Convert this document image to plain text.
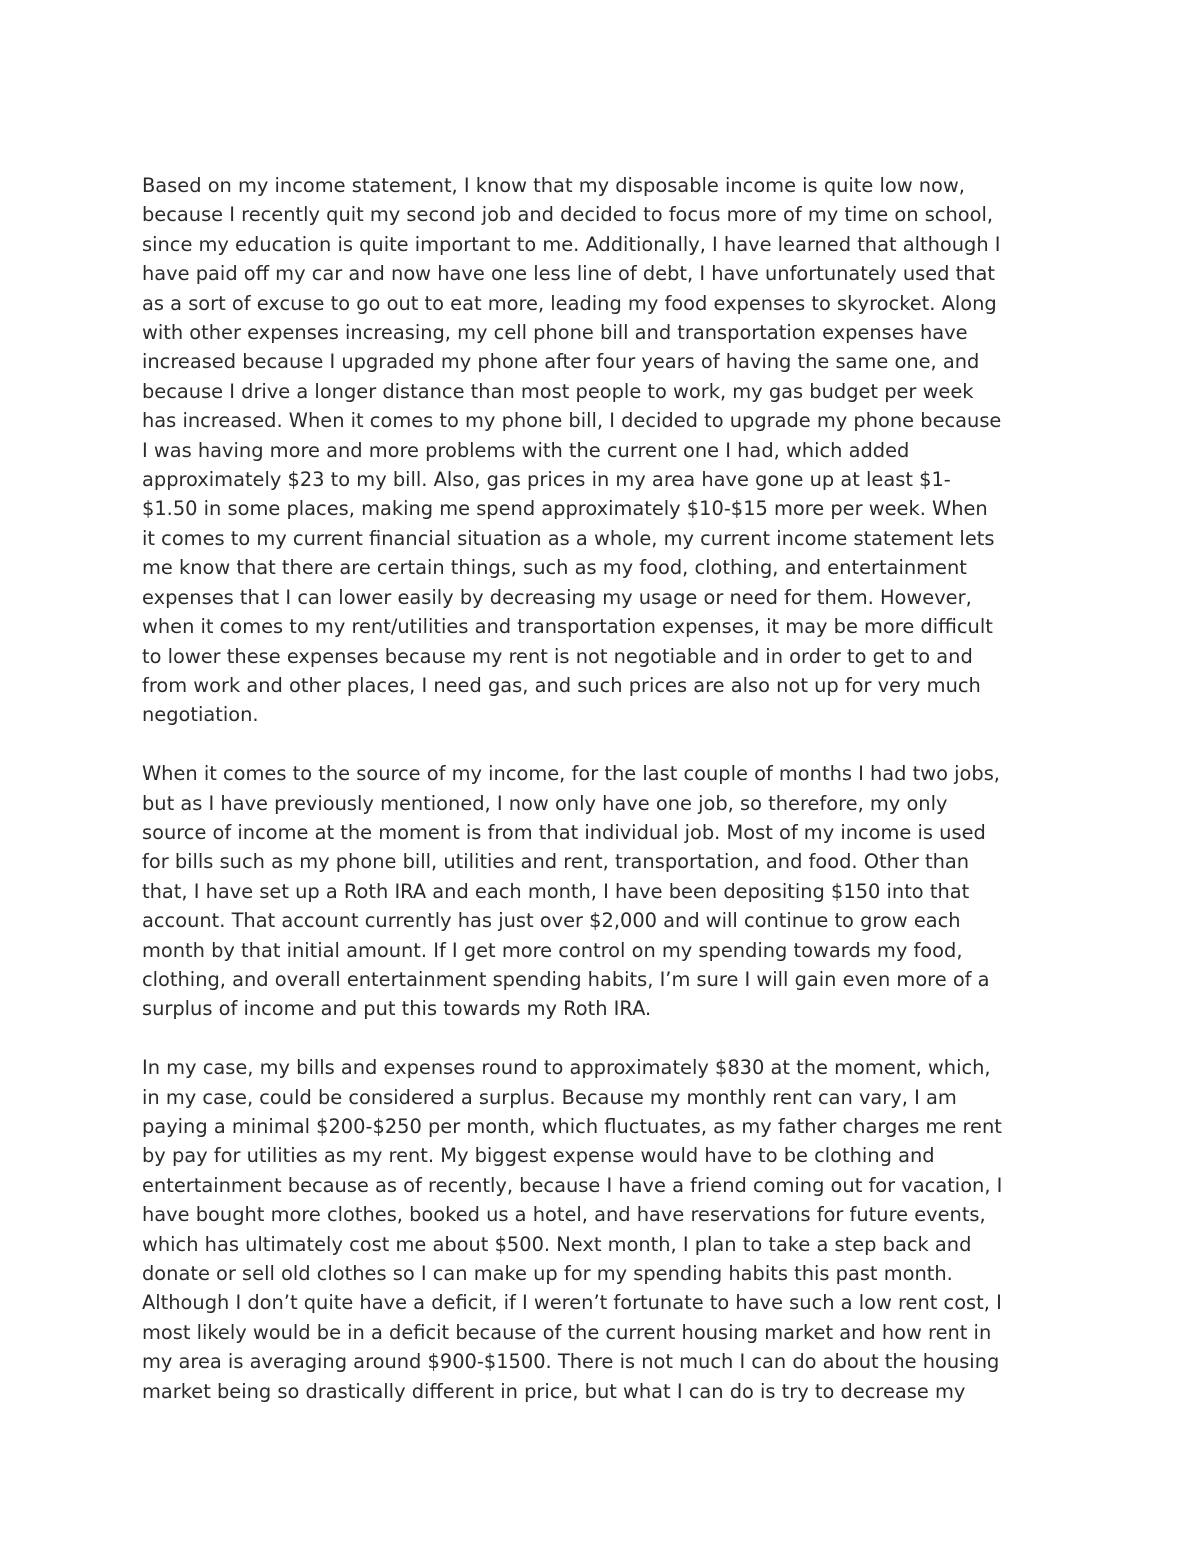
Based on my income statement, I know that my disposable income is quite low now,
because I recently quit my second job and decided to focus more of my time on school,
since my education is quite important to me. Additionally, I have learned that although I
have paid off my car and now have one less line of debt, I have unfortunately used that
as a sort of excuse to go out to eat more, leading my food expenses to skyrocket. Along
with other expenses increasing, my cell phone bill and transportation expenses have
increased because I upgraded my phone after four years of having the same one, and
because I drive a longer distance than most people to work, my gas budget per week
has increased. When it comes to my phone bill, I decided to upgrade my phone because
I was having more and more problems with the current one I had, which added
approximately $23 to my bill. Also, gas prices in my area have gone up at least $1-
$1.50 in some places, making me spend approximately $10-$15 more per week. When
it comes to my current financial situation as a whole, my current income statement lets
me know that there are certain things, such as my food, clothing, and entertainment
expenses that I can lower easily by decreasing my usage or need for them. However,
when it comes to my rent/utilities and transportation expenses, it may be more difficult
to lower these expenses because my rent is not negotiable and in order to get to and
from work and other places, I need gas, and such prices are also not up for very much
negotiation.

When it comes to the source of my income, for the last couple of months I had two jobs,
but as I have previously mentioned, I now only have one job, so therefore, my only
source of income at the moment is from that individual job. Most of my income is used
for bills such as my phone bill, utilities and rent, transportation, and food. Other than
that, I have set up a Roth IRA and each month, I have been depositing $150 into that
account. That account currently has just over $2,000 and will continue to grow each
month by that initial amount. If I get more control on my spending towards my food,
clothing, and overall entertainment spending habits, I’m sure I will gain even more of a
surplus of income and put this towards my Roth IRA.

In my case, my bills and expenses round to approximately $830 at the moment, which,
in my case, could be considered a surplus. Because my monthly rent can vary, I am
paying a minimal $200-$250 per month, which fluctuates, as my father charges me rent
by pay for utilities as my rent. My biggest expense would have to be clothing and
entertainment because as of recently, because I have a friend coming out for vacation, I
have bought more clothes, booked us a hotel, and have reservations for future events,
which has ultimately cost me about $500. Next month, I plan to take a step back and
donate or sell old clothes so I can make up for my spending habits this past month.
Although I don’t quite have a deficit, if I weren’t fortunate to have such a low rent cost, I
most likely would be in a deficit because of the current housing market and how rent in
my area is averaging around $900-$1500. There is not much I can do about the housing
market being so drastically different in price, but what I can do is try to decrease my
